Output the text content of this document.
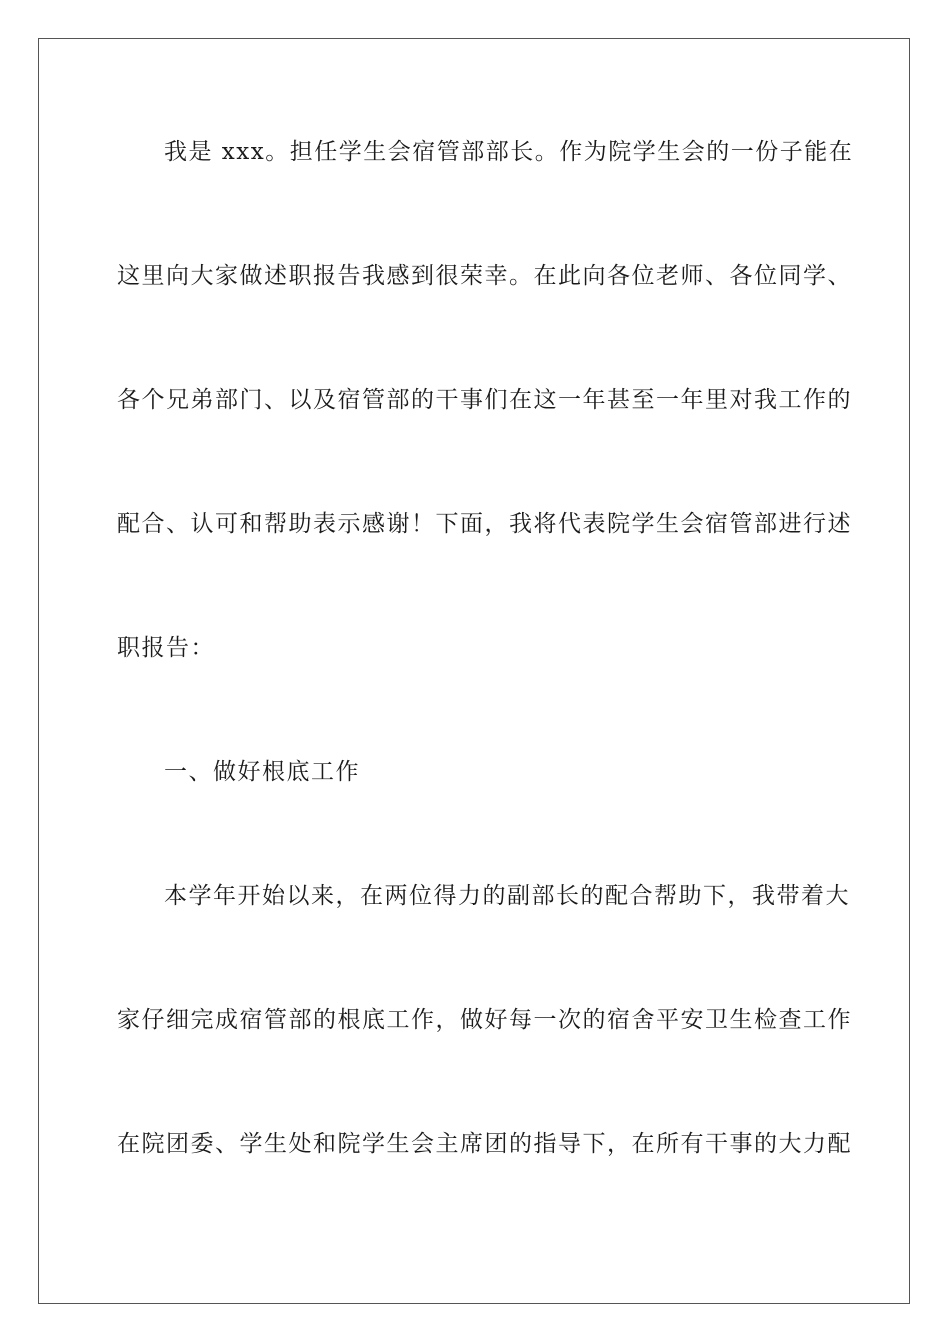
我是 xxx。担任学生会宿管部部长。作为院学生会的一份子能在
这里向大家做述职报告我感到很荣幸。在此向各位老师、各位同学、
各个兄弟部门、以及宿管部的干事们在这一年甚至一年里对我工作的
配合、认可和帮助表示感谢！下面，我将代表院学生会宿管部进行述
职报告：
一、做好根底工作
本学年开始以来，在两位得力的副部长的配合帮助下，我带着大
家仔细完成宿管部的根底工作，做好每一次的宿舍平安卫生检查工作
在院团委、学生处和院学生会主席团的指导下，在所有干事的大力配
